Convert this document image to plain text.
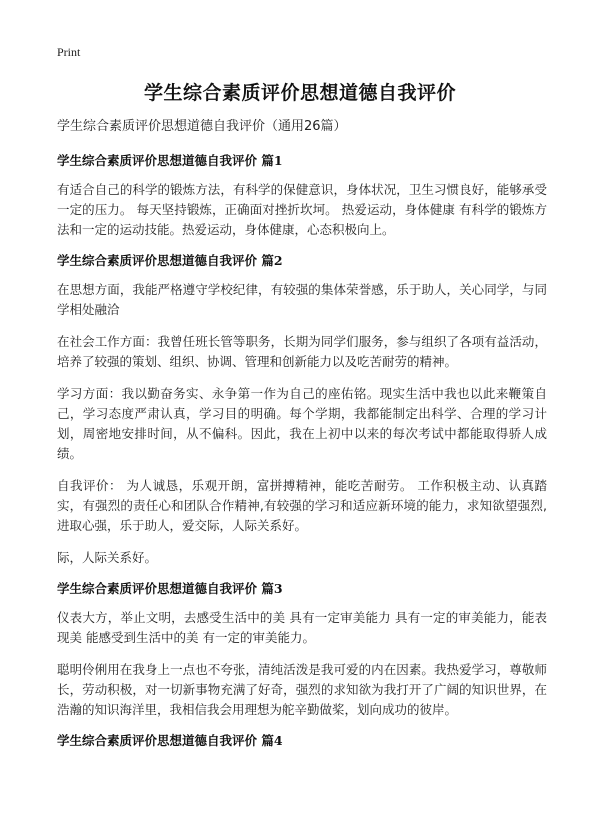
Print
学生综合素质评价思想道德自我评价

学生综合素质评价思想道德自我评价（通用26篇）

学生综合素质评价思想道德自我评价 篇1

有适合自己的科学的锻炼方法，有科学的保健意识，身体状况，卫生习惯良好，能够承受一定的压力。 每天坚持锻炼，正确面对挫折坎坷。 热爱运动，身体健康 有科学的锻炼方法和一定的运动技能。热爱运动，身体健康，心态积极向上。

学生综合素质评价思想道德自我评价 篇2

在思想方面，我能严格遵守学校纪律，有较强的集体荣誉感，乐于助人，关心同学，与同学相处融洽

在社会工作方面：我曾任班长管等职务，长期为同学们服务，参与组织了各项有益活动，培养了较强的策划、组织、协调、管理和创新能力以及吃苦耐劳的精神。

学习方面：我以勤奋务实、永争第一作为自己的座佑铭。现实生活中我也以此来鞭策自己，学习态度严肃认真，学习目的明确。每个学期，我都能制定出科学、合理的学习计划，周密地安排时间，从不偏科。因此，我在上初中以来的每次考试中都能取得骄人成绩。

自我评价： 为人诚恳，乐观开朗，富拼搏精神，能吃苦耐劳。 工作积极主动、认真踏实，有强烈的责任心和团队合作精神,有较强的学习和适应新环境的能力，求知欲望强烈, 进取心强，乐于助人，爱交际，人际关系好。

际，人际关系好。

学生综合素质评价思想道德自我评价 篇3

仪表大方，举止文明，去感受生活中的美 具有一定审美能力 具有一定的审美能力，能表现美 能感受到生活中的美 有一定的审美能力。

聪明伶俐用在我身上一点也不夸张，清纯活泼是我可爱的内在因素。我热爱学习，尊敬师长，劳动积极，对一切新事物充满了好奇，强烈的求知欲为我打开了广阔的知识世界，在浩瀚的知识海洋里，我相信我会用理想为舵辛勤做桨，划向成功的彼岸。

学生综合素质评价思想道德自我评价 篇4
